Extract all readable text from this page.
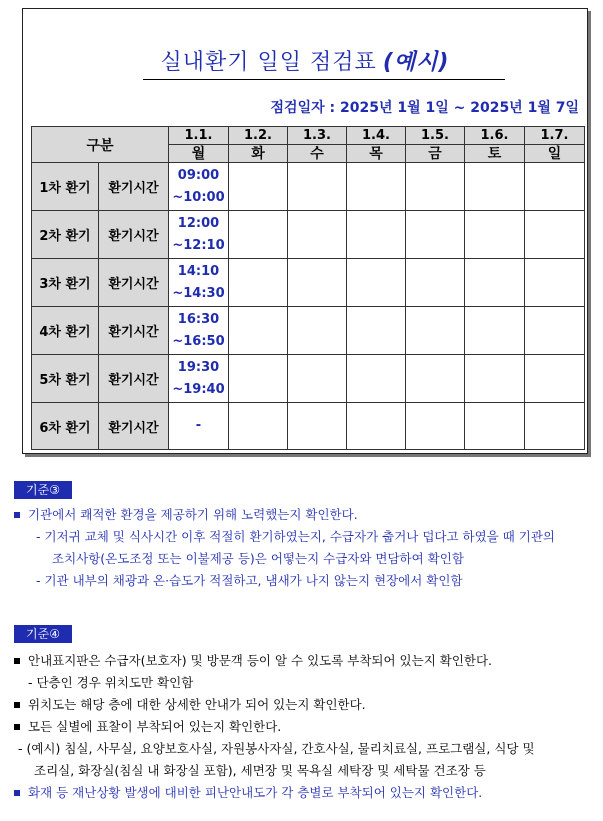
실내환기 일일 점검표 (예시)
점검일자 : 2025년 1월 1일 ~ 2025년 1월 7일
구분		1.1.	1.2.	1.3.	1.4.	1.5.	1.6.	1.7.
		월	화	수	목	금	토	일
1차 환기	환기시간	09:00
~10:00						

2차 환기	환기시간	12:00
~12:10						

3차 환기	환기시간	14:10
~14:30						

4차 환기	환기시간	16:30
~16:50						

5차 환기	환기시간	19:30
~19:40						

6차 환기	환기시간	-						

기준③
기관에서 쾌적한 환경을 제공하기 위해 노력했는지 확인한다.
- 기저귀 교체 및 식사시간 이후 적절히 환기하였는지, 수급자가 춥거나 덥다고 하였을 때 기관의
조치사항(온도조정 또는 이불제공 등)은 어떻는지 수급자와 면담하여 확인함
- 기관 내부의 채광과 온·습도가 적절하고, 냄새가 나지 않는지 현장에서 확인함
기준④
안내표지판은 수급자(보호자) 및 방문객 등이 알 수 있도록 부착되어 있는지 확인한다.
- 단층인 경우 위치도만 확인함
위치도는 해당 층에 대한 상세한 안내가 되어 있는지 확인한다.
모든 실별에 표찰이 부착되어 있는지 확인한다.
- (예시) 침실, 사무실, 요양보호사실, 자원봉사자실, 간호사실, 물리치료실, 프로그램실, 식당 및
조리실, 화장실(침실 내 화장실 포함), 세면장 및 목욕실 세탁장 및 세탁물 건조장 등
화재 등 재난상황 발생에 대비한 피난안내도가 각 층별로 부착되어 있는지 확인한다.
